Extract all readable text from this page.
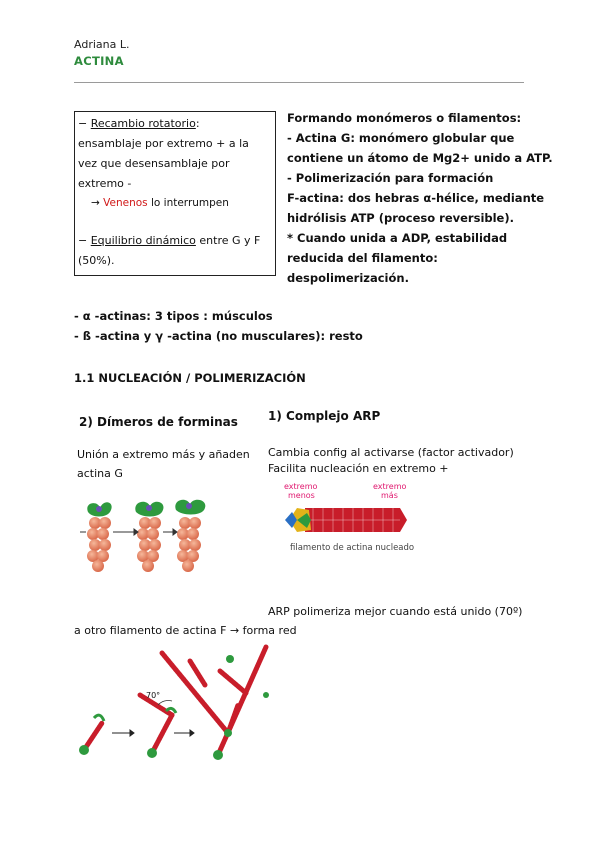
Adriana L.
ACTINA
− Recambio rotatorio:
ensamblaje por extremo + a la
vez que desensamblaje por
extremo -
→ Venenos lo interrumpen
− Equilibrio dinámico entre G y F
(50%).
Formando monómeros o filamentos:
- Actina G: monómero globular que
contiene un átomo de Mg2+ unido a ATP.
- Polimerización para formación
F-actina: dos hebras α-hélice, mediante
hidrólisis ATP (proceso reversible).
* Cuando unida a ADP, estabilidad
reducida del filamento:
despolimerización.
- α -actinas: 3 tipos : músculos
- ß -actina y γ -actina (no musculares): resto
1.1 NUCLEACIÓN / POLIMERIZACIÓN
2) Dímeros de forminas
Unión a extremo más y añaden
actina G
1) Complejo ARP
Cambia config al activarse (factor activador)
Facilita nucleación en extremo +
extremo
menos
extremo
más
filamento de actina nucleado
ARP polimeriza mejor cuando está unido (70º)
a otro filamento de actina F → forma red
70°
